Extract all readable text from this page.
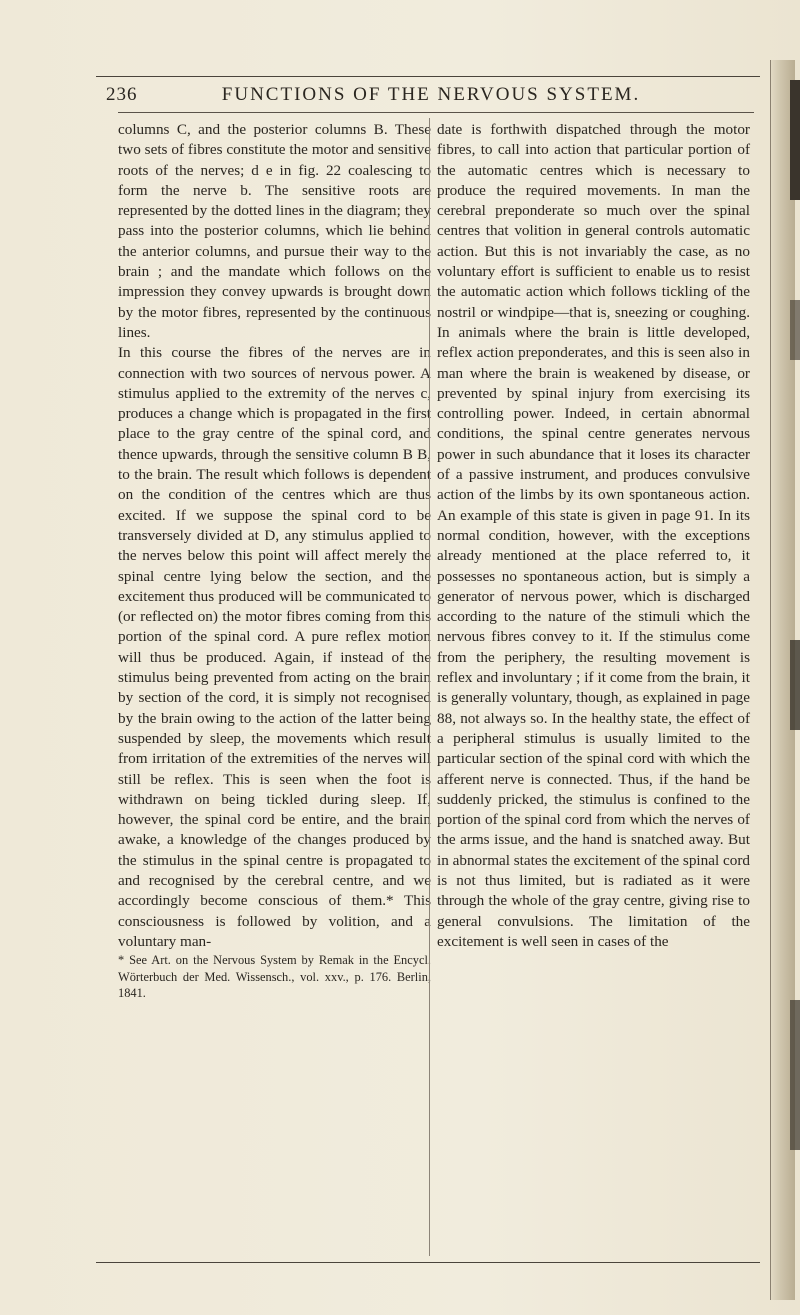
236	FUNCTIONS OF THE NERVOUS SYSTEM.

columns C, and the posterior columns B. These two sets of fibres constitute the motor and sensitive roots of the nerves; d e in fig. 22 coalescing to form the nerve b. The sensitive roots are represented by the dotted lines in the diagram; they pass into the posterior columns, which lie behind the anterior columns, and pursue their way to the brain ; and the mandate which follows on the impression they convey upwards is brought down by the motor fibres, represented by the continuous lines.

In this course the fibres of the nerves are in connection with two sources of nervous power. A stimulus applied to the extremity of the nerves c, produces a change which is propagated in the first place to the gray centre of the spinal cord, and thence upwards, through the sensitive column B B, to the brain. The result which follows is dependent on the condition of the centres which are thus excited. If we suppose the spinal cord to be transversely divided at D, any stimulus applied to the nerves below this point will affect merely the spinal centre lying below the section, and the excitement thus produced will be communicated to (or reflected on) the motor fibres coming from this portion of the spinal cord. A pure reflex motion will thus be produced. Again, if instead of the stimulus being prevented from acting on the brain by section of the cord, it is simply not recognised by the brain owing to the action of the latter being suspended by sleep, the movements which result from irritation of the extremities of the nerves will still be reflex. This is seen when the foot is withdrawn on being tickled during sleep. If, however, the spinal cord be entire, and the brain awake, a knowledge of the changes produced by the stimulus in the spinal centre is propagated to and recognised by the cerebral centre, and we accordingly become conscious of them.* This consciousness is followed by volition, and a voluntary man-

* See Art. on the Nervous System by Remak in the Encycl. Wörterbuch der Med. Wissensch., vol. xxv., p. 176. Berlin, 1841.

date is forthwith dispatched through the motor fibres, to call into action that particular portion of the automatic centres which is necessary to produce the required movements. In man the cerebral preponderate so much over the spinal centres that volition in general controls automatic action. But this is not invariably the case, as no voluntary effort is sufficient to enable us to resist the automatic action which follows tickling of the nostril or windpipe—that is, sneezing or coughing. In animals where the brain is little developed, reflex action preponderates, and this is seen also in man where the brain is weakened by disease, or prevented by spinal injury from exercising its controlling power. Indeed, in certain abnormal conditions, the spinal centre generates nervous power in such abundance that it loses its character of a passive instrument, and produces convulsive action of the limbs by its own spontaneous action. An example of this state is given in page 91. In its normal condition, however, with the exceptions already mentioned at the place referred to, it possesses no spontaneous action, but is simply a generator of nervous power, which is discharged according to the nature of the stimuli which the nervous fibres convey to it. If the stimulus come from the periphery, the resulting movement is reflex and involuntary ; if it come from the brain, it is generally voluntary, though, as explained in page 88, not always so. In the healthy state, the effect of a peripheral stimulus is usually limited to the particular section of the spinal cord with which the afferent nerve is connected. Thus, if the hand be suddenly pricked, the stimulus is confined to the portion of the spinal cord from which the nerves of the arms issue, and the hand is snatched away. But in abnormal states the excitement of the spinal cord is not thus limited, but is radiated as it were through the whole of the gray centre, giving rise to general convulsions. The limitation of the excitement is well seen in cases of the
